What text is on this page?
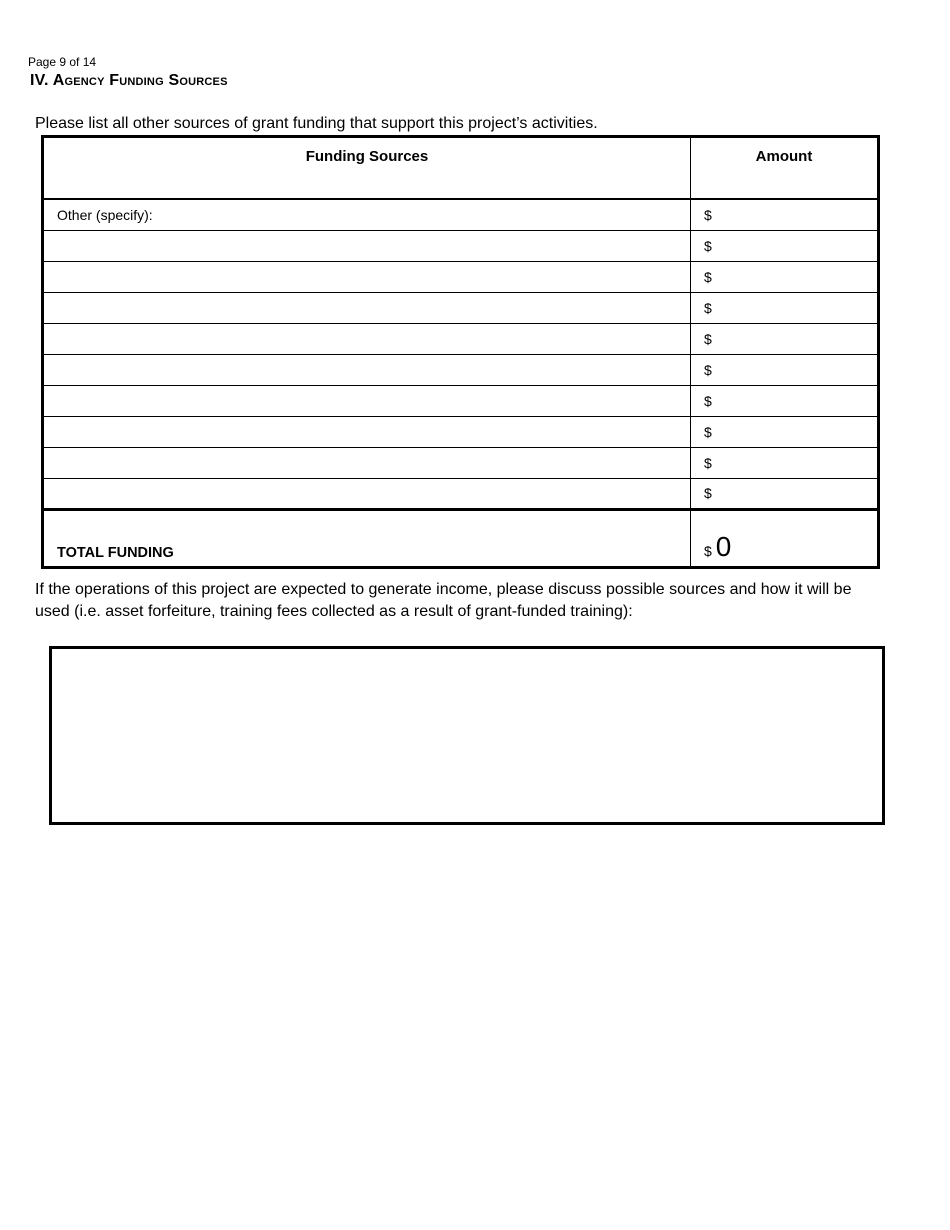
Page 9 of 14
IV. Agency Funding Sources
Please list all other sources of grant funding that support this project’s activities.
Funding Sources	Amount
Other (specify):	$
	$
	$
	$
	$
	$
	$
	$
	$
	$
TOTAL FUNDING	$ 0
If the operations of this project are expected to generate income, please discuss possible sources and how it will be used (i.e. asset forfeiture, training fees collected as a result of grant-funded training):
